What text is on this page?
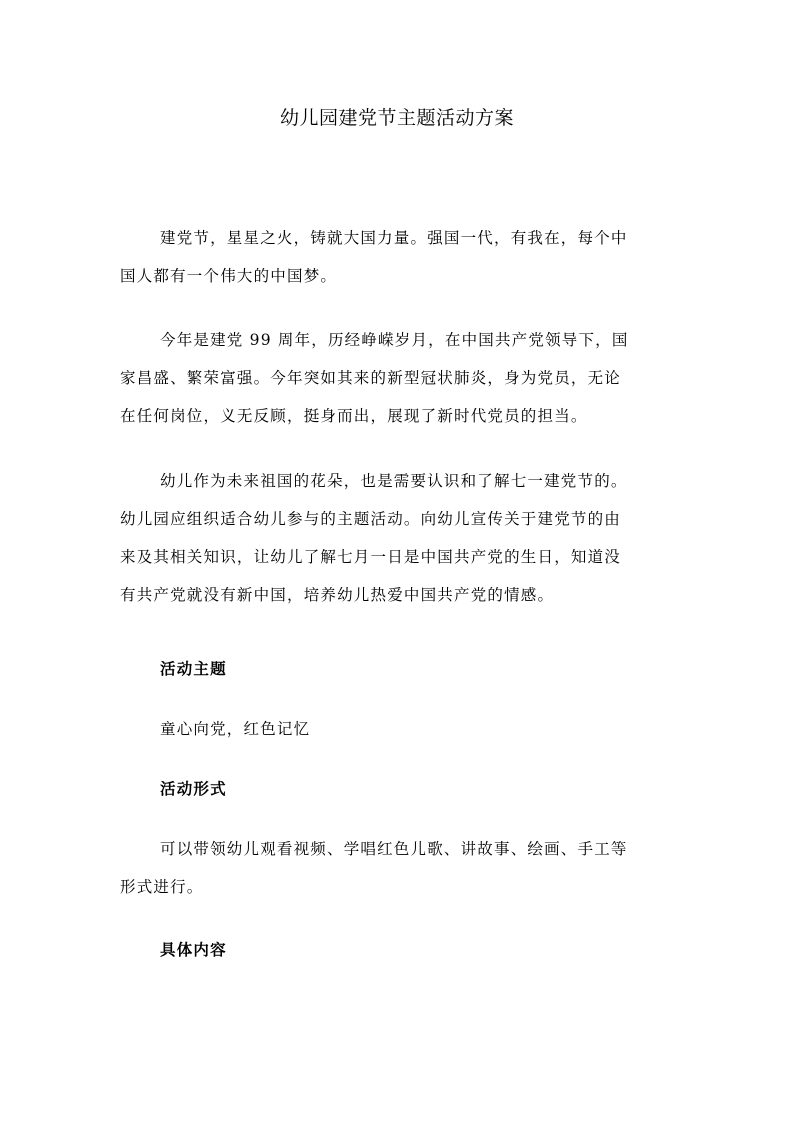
幼儿园建党节主题活动方案

建党节，星星之火，铸就大国力量。强国一代，有我在，每个中
国人都有一个伟大的中国梦。

今年是建党 99 周年，历经峥嵘岁月，在中国共产党领导下，国
家昌盛、繁荣富强。今年突如其来的新型冠状肺炎，身为党员，无论
在任何岗位，义无反顾，挺身而出，展现了新时代党员的担当。

幼儿作为未来祖国的花朵，也是需要认识和了解七一建党节的。
幼儿园应组织适合幼儿参与的主题活动。向幼儿宣传关于建党节的由
来及其相关知识，让幼儿了解七月一日是中国共产党的生日，知道没
有共产党就没有新中国，培养幼儿热爱中国共产党的情感。

活动主题

童心向党，红色记忆

活动形式

可以带领幼儿观看视频、学唱红色儿歌、讲故事、绘画、手工等
形式进行。

具体内容
